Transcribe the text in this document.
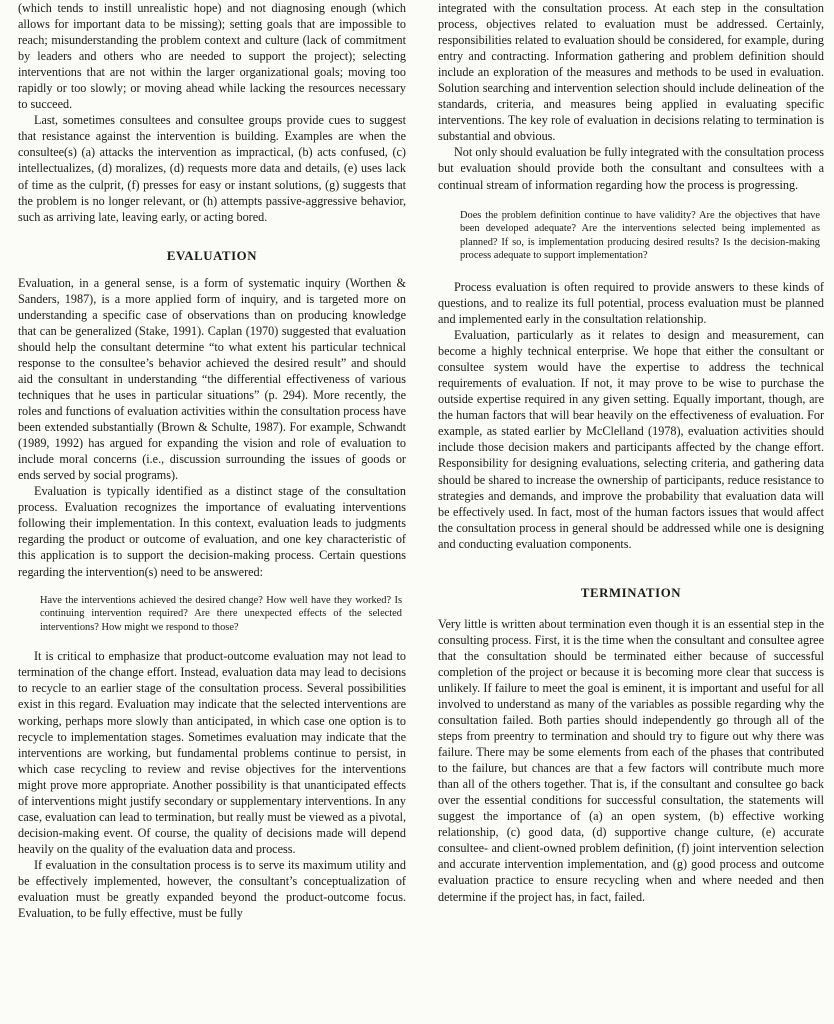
(which tends to instill unrealistic hope) and not diagnosing enough (which allows for important data to be missing); setting goals that are impossible to reach; misunderstanding the problem context and culture (lack of commitment by leaders and others who are needed to support the project); selecting interventions that are not within the larger organizational goals; moving too rapidly or too slowly; or moving ahead while lacking the resources necessary to succeed.

Last, sometimes consultees and consultee groups provide cues to suggest that resistance against the intervention is building. Examples are when the consultee(s) (a) attacks the intervention as impractical, (b) acts confused, (c) intellectualizes, (d) moralizes, (d) requests more data and details, (e) uses lack of time as the culprit, (f) presses for easy or instant solutions, (g) suggests that the problem is no longer relevant, or (h) attempts passive-aggressive behavior, such as arriving late, leaving early, or acting bored.

EVALUATION

Evaluation, in a general sense, is a form of systematic inquiry (Worthen & Sanders, 1987), is a more applied form of inquiry, and is targeted more on understanding a specific case of observations than on producing knowledge that can be generalized (Stake, 1991). Caplan (1970) suggested that evaluation should help the consultant determine “to what extent his particular technical response to the consultee’s behavior achieved the desired result” and should aid the consultant in understanding “the differential effectiveness of various techniques that he uses in particular situations” (p. 294). More recently, the roles and functions of evaluation activities within the consultation process have been extended substantially (Brown & Schulte, 1987). For example, Schwandt (1989, 1992) has argued for expanding the vision and role of evaluation to include moral concerns (i.e., discussion surrounding the issues of goods or ends served by social programs).

Evaluation is typically identified as a distinct stage of the consultation process. Evaluation recognizes the importance of evaluating interventions following their implementation. In this context, evaluation leads to judgments regarding the product or outcome of evaluation, and one key characteristic of this application is to support the decision-making process. Certain questions regarding the intervention(s) need to be answered:

Have the interventions achieved the desired change? How well have they worked? Is continuing intervention required? Are there unexpected effects of the selected interventions? How might we respond to those?

It is critical to emphasize that product-outcome evaluation may not lead to termination of the change effort. Instead, evaluation data may lead to decisions to recycle to an earlier stage of the consultation process. Several possibilities exist in this regard. Evaluation may indicate that the selected interventions are working, perhaps more slowly than anticipated, in which case one option is to recycle to implementation stages. Sometimes evaluation may indicate that the interventions are working, but fundamental problems continue to persist, in which case recycling to review and revise objectives for the interventions might prove more appropriate. Another possibility is that unanticipated effects of interventions might justify secondary or supplementary interventions. In any case, evaluation can lead to termination, but really must be viewed as a pivotal, decision-making event. Of course, the quality of decisions made will depend heavily on the quality of the evaluation data and process.

If evaluation in the consultation process is to serve its maximum utility and be effectively implemented, however, the consultant’s conceptualization of evaluation must be greatly expanded beyond the product-outcome focus. Evaluation, to be fully effective, must be fully

integrated with the consultation process. At each step in the consultation process, objectives related to evaluation must be addressed. Certainly, responsibilities related to evaluation should be considered, for example, during entry and contracting. Information gathering and problem definition should include an exploration of the measures and methods to be used in evaluation. Solution searching and intervention selection should include delineation of the standards, criteria, and measures being applied in evaluating specific interventions. The key role of evaluation in decisions relating to termination is substantial and obvious.

Not only should evaluation be fully integrated with the consultation process but evaluation should provide both the consultant and consultees with a continual stream of information regarding how the process is progressing.

Does the problem definition continue to have validity? Are the objectives that have been developed adequate? Are the interventions selected being implemented as planned? If so, is implementation producing desired results? Is the decision-making process adequate to support implementation?

Process evaluation is often required to provide answers to these kinds of questions, and to realize its full potential, process evaluation must be planned and implemented early in the consultation relationship.

Evaluation, particularly as it relates to design and measurement, can become a highly technical enterprise. We hope that either the consultant or consultee system would have the expertise to address the technical requirements of evaluation. If not, it may prove to be wise to purchase the outside expertise required in any given setting. Equally important, though, are the human factors that will bear heavily on the effectiveness of evaluation. For example, as stated earlier by McClelland (1978), evaluation activities should include those decision makers and participants affected by the change effort. Responsibility for designing evaluations, selecting criteria, and gathering data should be shared to increase the ownership of participants, reduce resistance to strategies and demands, and improve the probability that evaluation data will be effectively used. In fact, most of the human factors issues that would affect the consultation process in general should be addressed while one is designing and conducting evaluation components.

TERMINATION

Very little is written about termination even though it is an essential step in the consulting process. First, it is the time when the consultant and consultee agree that the consultation should be terminated either because of successful completion of the project or because it is becoming more clear that success is unlikely. If failure to meet the goal is eminent, it is important and useful for all involved to understand as many of the variables as possible regarding why the consultation failed. Both parties should independently go through all of the steps from preentry to termination and should try to figure out why there was failure. There may be some elements from each of the phases that contributed to the failure, but chances are that a few factors will contribute much more than all of the others together. That is, if the consultant and consultee go back over the essential conditions for successful consultation, the statements will suggest the importance of (a) an open system, (b) effective working relationship, (c) good data, (d) supportive change culture, (e) accurate consultee- and client-owned problem definition, (f) joint intervention selection and accurate intervention implementation, and (g) good process and outcome evaluation practice to ensure recycling when and where needed and then determine if the project has, in fact, failed.
